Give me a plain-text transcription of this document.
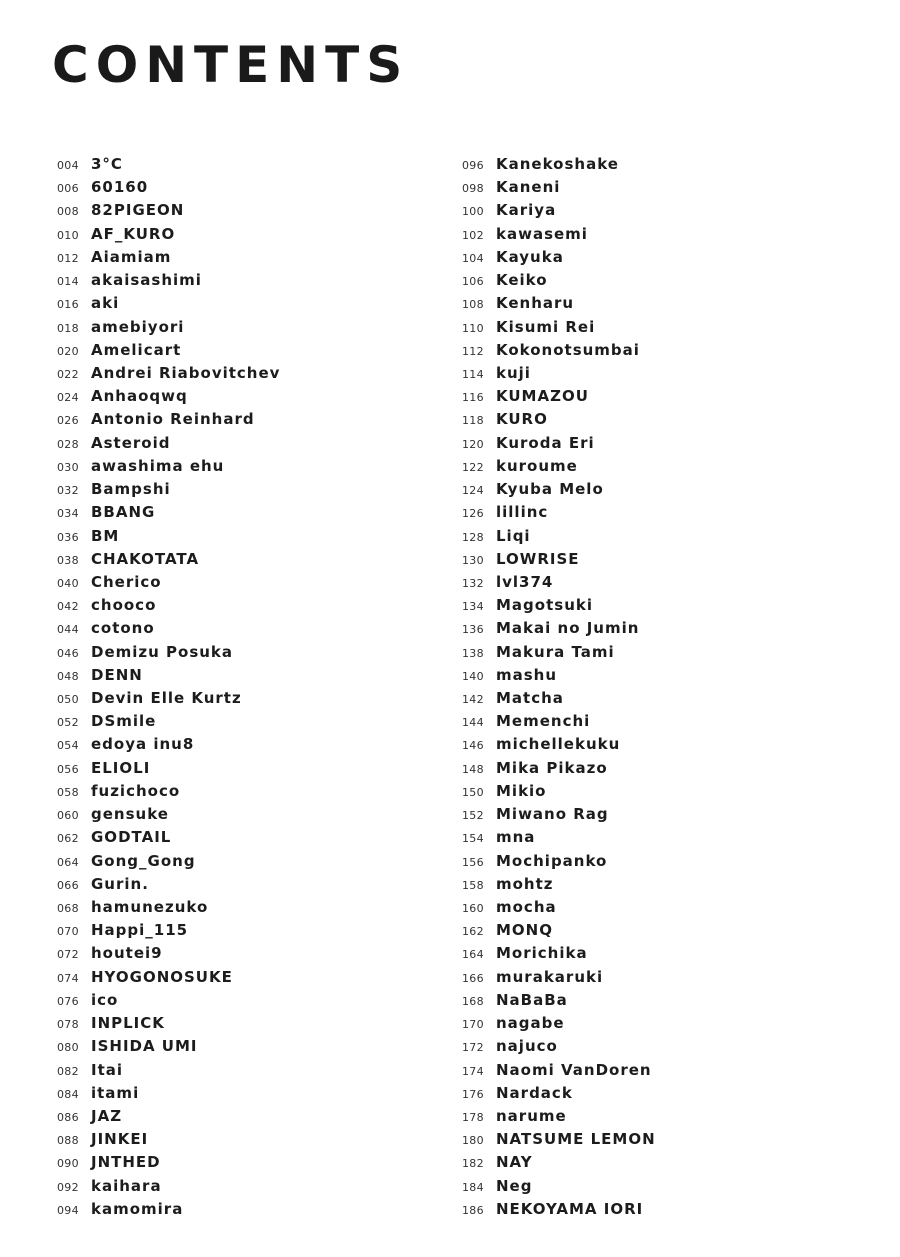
CONTENTS
004 3°C
006 60160
008 82PIGEON
010 AF_KURO
012 Aiamiam
014 akaisashimi
016 aki
018 amebiyori
020 Amelicart
022 Andrei Riabovitchev
024 Anhaoqwq
026 Antonio Reinhard
028 Asteroid
030 awashima ehu
032 Bampshi
034 BBANG
036 BM
038 CHAKOTATA
040 Cherico
042 chooco
044 cotono
046 Demizu Posuka
048 DENN
050 Devin Elle Kurtz
052 DSmile
054 edoya inu8
056 ELIOLI
058 fuzichoco
060 gensuke
062 GODTAIL
064 Gong_Gong
066 Gurin.
068 hamunezuko
070 Happi_115
072 houtei9
074 HYOGONOSUKE
076 ico
078 INPLICK
080 ISHIDA UMI
082 Itai
084 itami
086 JAZ
088 JINKEI
090 JNTHED
092 kaihara
094 kamomira
096 Kanekoshake
098 Kaneni
100 Kariya
102 kawasemi
104 Kayuka
106 Keiko
108 Kenharu
110 Kisumi Rei
112 Kokonotsumbai
114 kuji
116 KUMAZOU
118 KURO
120 Kuroda Eri
122 kuroume
124 Kyuba Melo
126 lillinc
128 Liqi
130 LOWRISE
132 lvl374
134 Magotsuki
136 Makai no Jumin
138 Makura Tami
140 mashu
142 Matcha
144 Memenchi
146 michellekuku
148 Mika Pikazo
150 Mikio
152 Miwano Rag
154 mna
156 Mochipanko
158 mohtz
160 mocha
162 MONQ
164 Morichika
166 murakaruki
168 NaBaBa
170 nagabe
172 najuco
174 Naomi VanDoren
176 Nardack
178 narume
180 NATSUME LEMON
182 NAY
184 Neg
186 NEKOYAMA IORI
